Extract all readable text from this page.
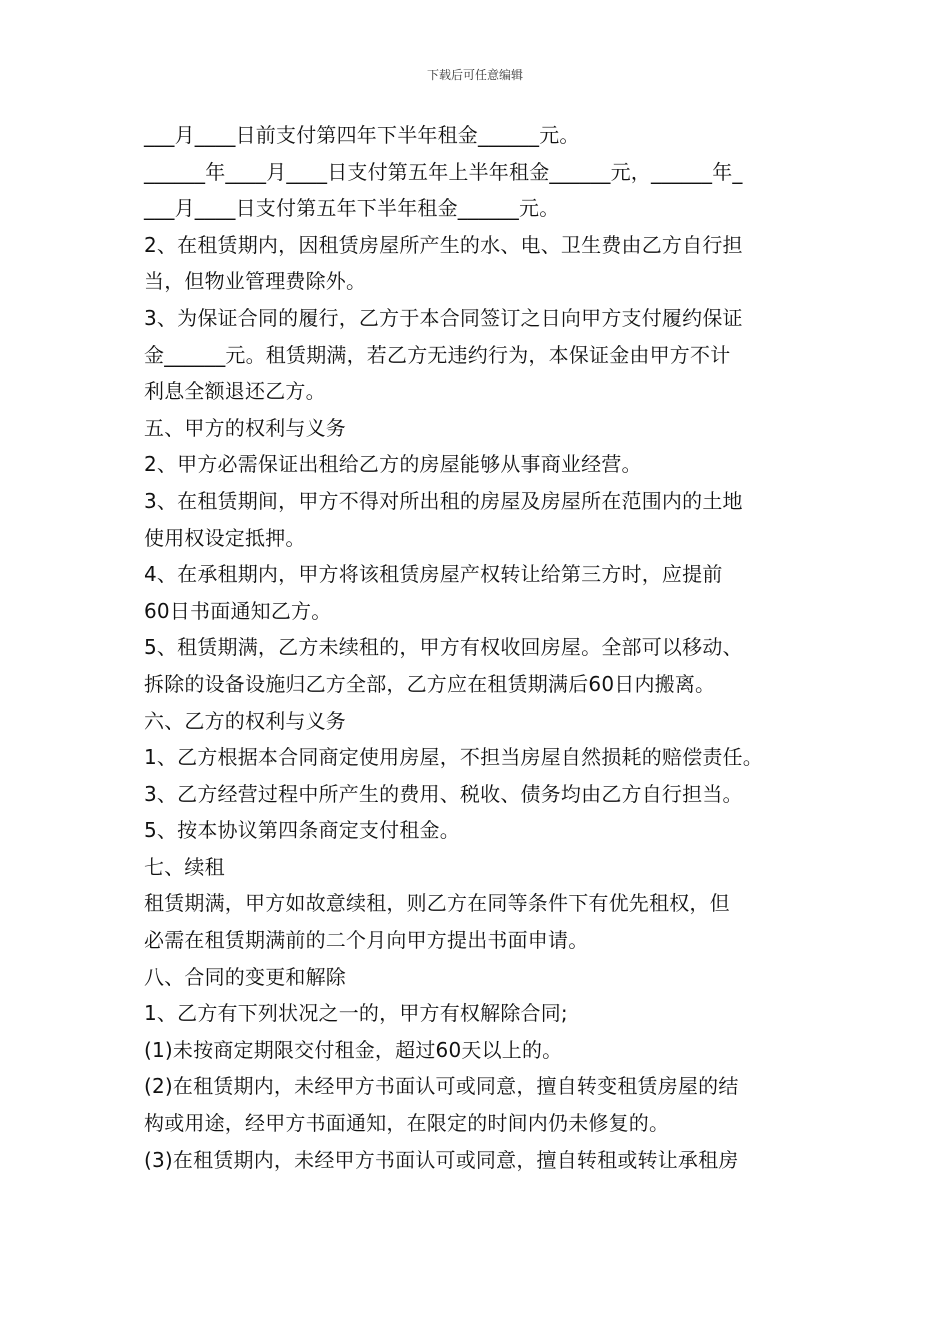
下载后可任意编辑
___月____日前支付第四年下半年租金______元。
______年____月____日支付第五年上半年租金______元，______年_
___月____日支付第五年下半年租金______元。
2、在租赁期内，因租赁房屋所产生的水、电、卫生费由乙方自行担
当，但物业管理费除外。
3、为保证合同的履行，乙方于本合同签订之日向甲方支付履约保证
金______元。租赁期满，若乙方无违约行为，本保证金由甲方不计
利息全额退还乙方。
五、甲方的权利与义务
2、甲方必需保证出租给乙方的房屋能够从事商业经营。
3、在租赁期间，甲方不得对所出租的房屋及房屋所在范围内的土地
使用权设定抵押。
4、在承租期内，甲方将该租赁房屋产权转让给第三方时，应提前
60日书面通知乙方。
5、租赁期满，乙方未续租的，甲方有权收回房屋。全部可以移动、
拆除的设备设施归乙方全部，乙方应在租赁期满后60日内搬离。
六、乙方的权利与义务
1、乙方根据本合同商定使用房屋，不担当房屋自然损耗的赔偿责任。
3、乙方经营过程中所产生的费用、税收、债务均由乙方自行担当。
5、按本协议第四条商定支付租金。
七、续租
租赁期满，甲方如故意续租，则乙方在同等条件下有优先租权，但
必需在租赁期满前的二个月向甲方提出书面申请。
八、合同的变更和解除
1、乙方有下列状况之一的，甲方有权解除合同;
(1)未按商定期限交付租金，超过60天以上的。
(2)在租赁期内，未经甲方书面认可或同意，擅自转变租赁房屋的结
构或用途，经甲方书面通知，在限定的时间内仍未修复的。
(3)在租赁期内，未经甲方书面认可或同意，擅自转租或转让承租房
